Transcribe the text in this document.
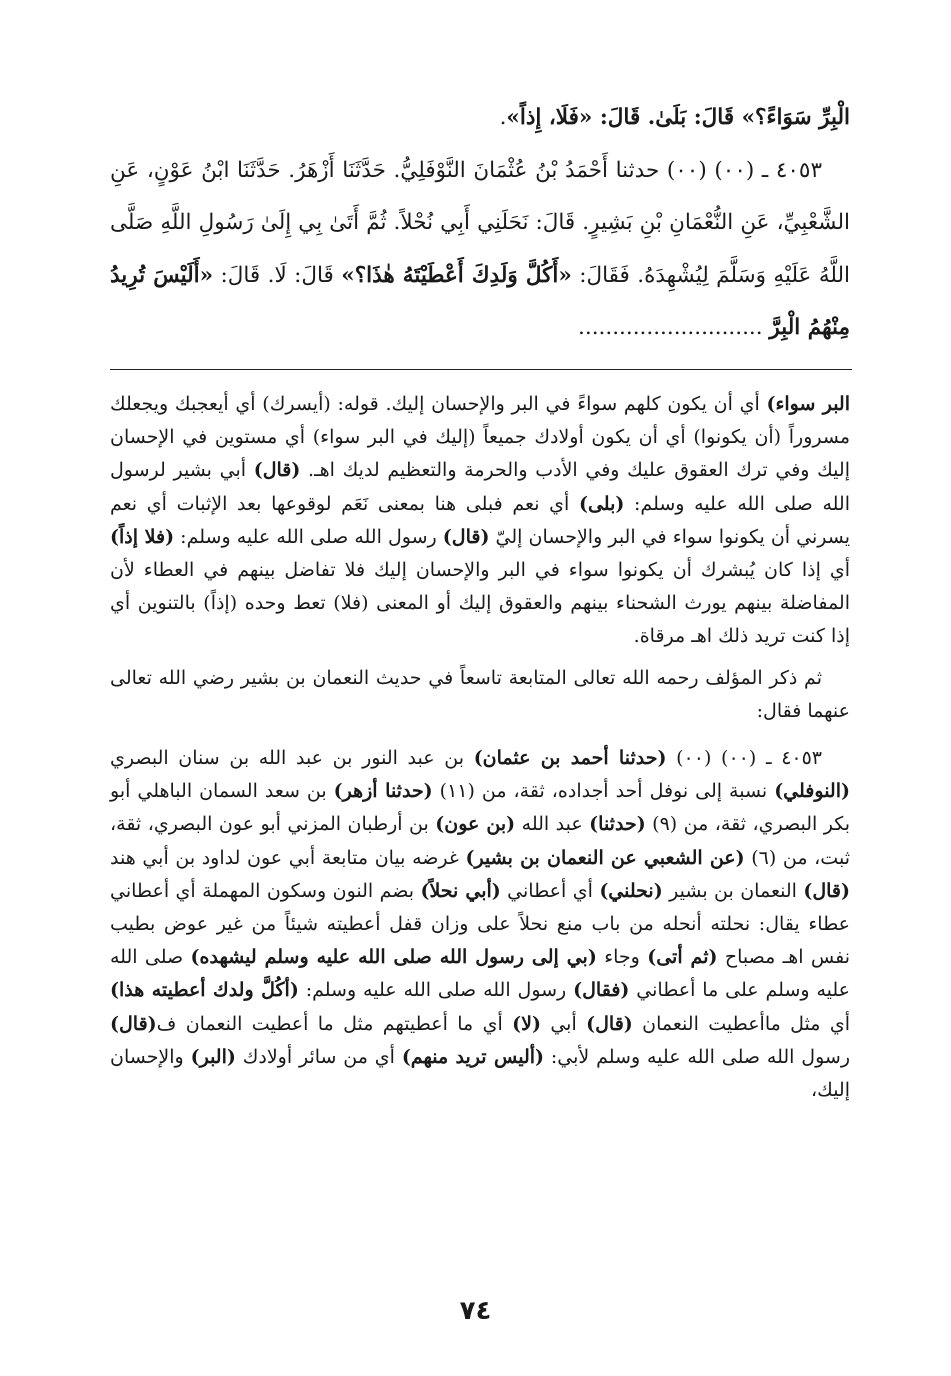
الْبِرِّ سَوَاءً؟» قَالَ: بَلَىٰ. قَالَ: «فَلَا، إِذاً».

٤٠٥٣ ـ (٠٠) (٠٠) حدثنا أَحْمَدُ بْنُ عُثْمَانَ النَّوْفَلِيُّ. حَدَّثَنَا أَزْهَرُ. حَدَّثَنَا ابْنُ عَوْنٍ، عَنِ الشَّعْبِيِّ، عَنِ النُّعْمَانِ بْنِ بَشِيرٍ. قَالَ: نَحَلَنِي أَبِي نُحْلاً. ثُمَّ أَتَىٰ بِي إِلَىٰ رَسُولِ اللَّهِ صَلَّى اللَّهُ عَلَيْهِ وَسَلَّمَ لِيُشْهِدَهُ. فَقَالَ: «أَكُلَّ وَلَدِكَ أَعْطَيْتَهُ هٰذَا؟» قَالَ: لَا. قَالَ: «أَلَيْسَ تُرِيدُ مِنْهُمُ الْبِرَّ ...........................

البر سواء) أي أن يكون كلهم سواءً في البر والإحسان إليك. قوله: (أيسرك) أي أيعجبك ويجعلك مسروراً (أن يكونوا) أي أن يكون أولادك جميعاً (إليك في البر سواء) أي مستوين في الإحسان إليك وفي ترك العقوق عليك وفي الأدب والحرمة والتعظيم لديك اهـ. (قال) أبي بشير لرسول الله صلى الله عليه وسلم: (بلى) أي نعم فبلى هنا بمعنى نَعَم لوقوعها بعد الإثبات أي نعم يسرني أن يكونوا سواء في البر والإحسان إليّ (قال) رسول الله صلى الله عليه وسلم: (فلا إذاً) أي إذا كان يُبشرك أن يكونوا سواء في البر والإحسان إليك فلا تفاضل بينهم في العطاء لأن المفاضلة بينهم يورث الشحناء بينهم والعقوق إليك أو المعنى (فلا) تعط وحده (إذاً) بالتنوين أي إذا كنت تريد ذلك اهـ مرقاة.

ثم ذكر المؤلف رحمه الله تعالى المتابعة تاسعاً في حديث النعمان بن بشير رضي الله تعالى عنهما فقال:

٤٠٥٣ ـ (٠٠) (٠٠) (حدثنا أحمد بن عثمان) بن عبد النور بن عبد الله بن سنان البصري (النوفلي) نسبة إلى نوفل أحد أجداده، ثقة، من (١١) (حدثنا أزهر) بن سعد السمان الباهلي أبو بكر البصري، ثقة، من (٩) (حدثنا) عبد الله (بن عون) بن أرطبان المزني أبو عون البصري، ثقة، ثبت، من (٦) (عن الشعبي عن النعمان بن بشير) غرضه بيان متابعة أبي عون لداود بن أبي هند (قال) النعمان بن بشير (نحلني) أي أعطاني (أبي نحلاً) بضم النون وسكون المهملة أي أعطاني عطاء يقال: نحلته أنحله من باب منع نحلاً على وزان قفل أعطيته شيئاً من غير عوض بطيب نفس اهـ مصباح (ثم أتى) وجاء (بي إلى رسول الله صلى الله عليه وسلم ليشهده) صلى الله عليه وسلم على ما أعطاني (فقال) رسول الله صلى الله عليه وسلم: (أكُلَّ ولدك أعطيته هذا) أي مثل ماأعطيت النعمان (قال) أبي (لا) أي ما أعطيتهم مثل ما أعطيت النعمان ف(قال) رسول الله صلى الله عليه وسلم لأبي: (أليس تريد منهم) أي من سائر أولادك (البر) والإحسان إليك،

٧٤
